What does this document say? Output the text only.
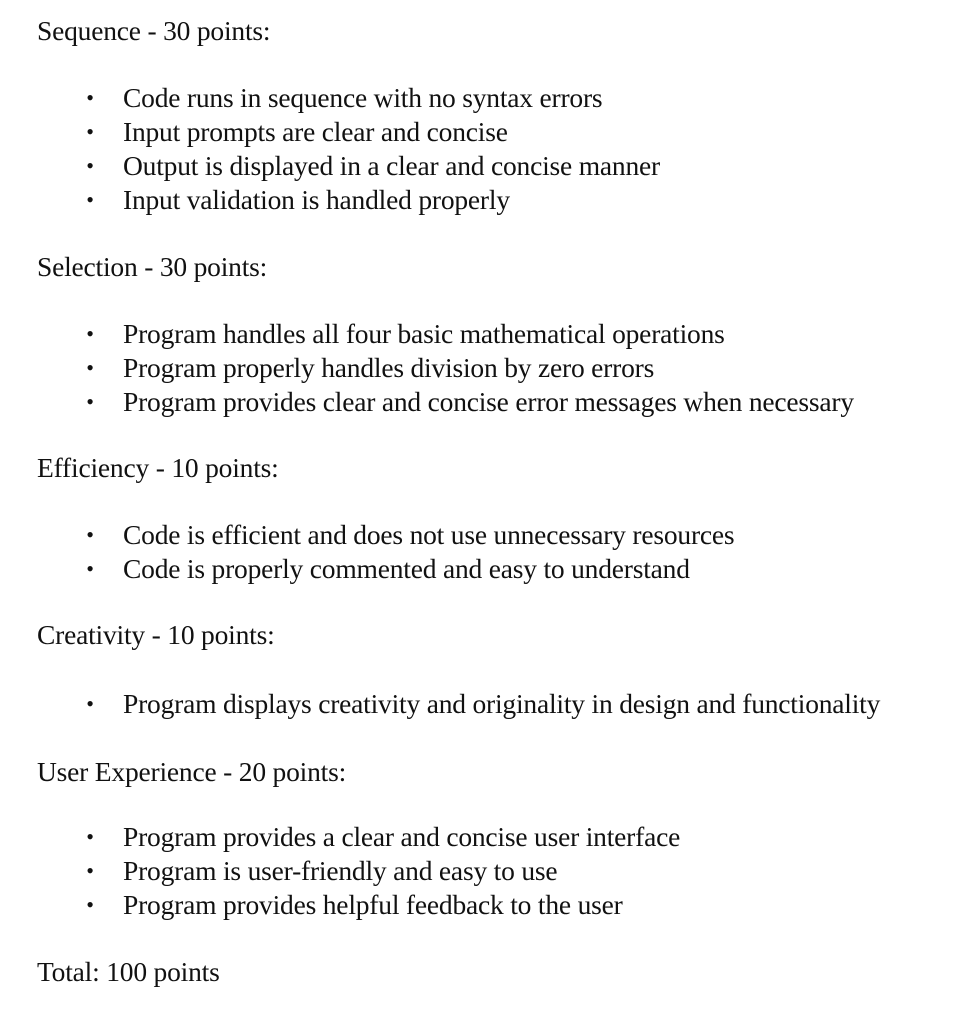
Sequence - 30 points:
• Code runs in sequence with no syntax errors
• Input prompts are clear and concise
• Output is displayed in a clear and concise manner
• Input validation is handled properly
Selection - 30 points:
• Program handles all four basic mathematical operations
• Program properly handles division by zero errors
• Program provides clear and concise error messages when necessary
Efficiency - 10 points:
• Code is efficient and does not use unnecessary resources
• Code is properly commented and easy to understand
Creativity - 10 points:
• Program displays creativity and originality in design and functionality
User Experience - 20 points:
• Program provides a clear and concise user interface
• Program is user-friendly and easy to use
• Program provides helpful feedback to the user

Total: 100 points
